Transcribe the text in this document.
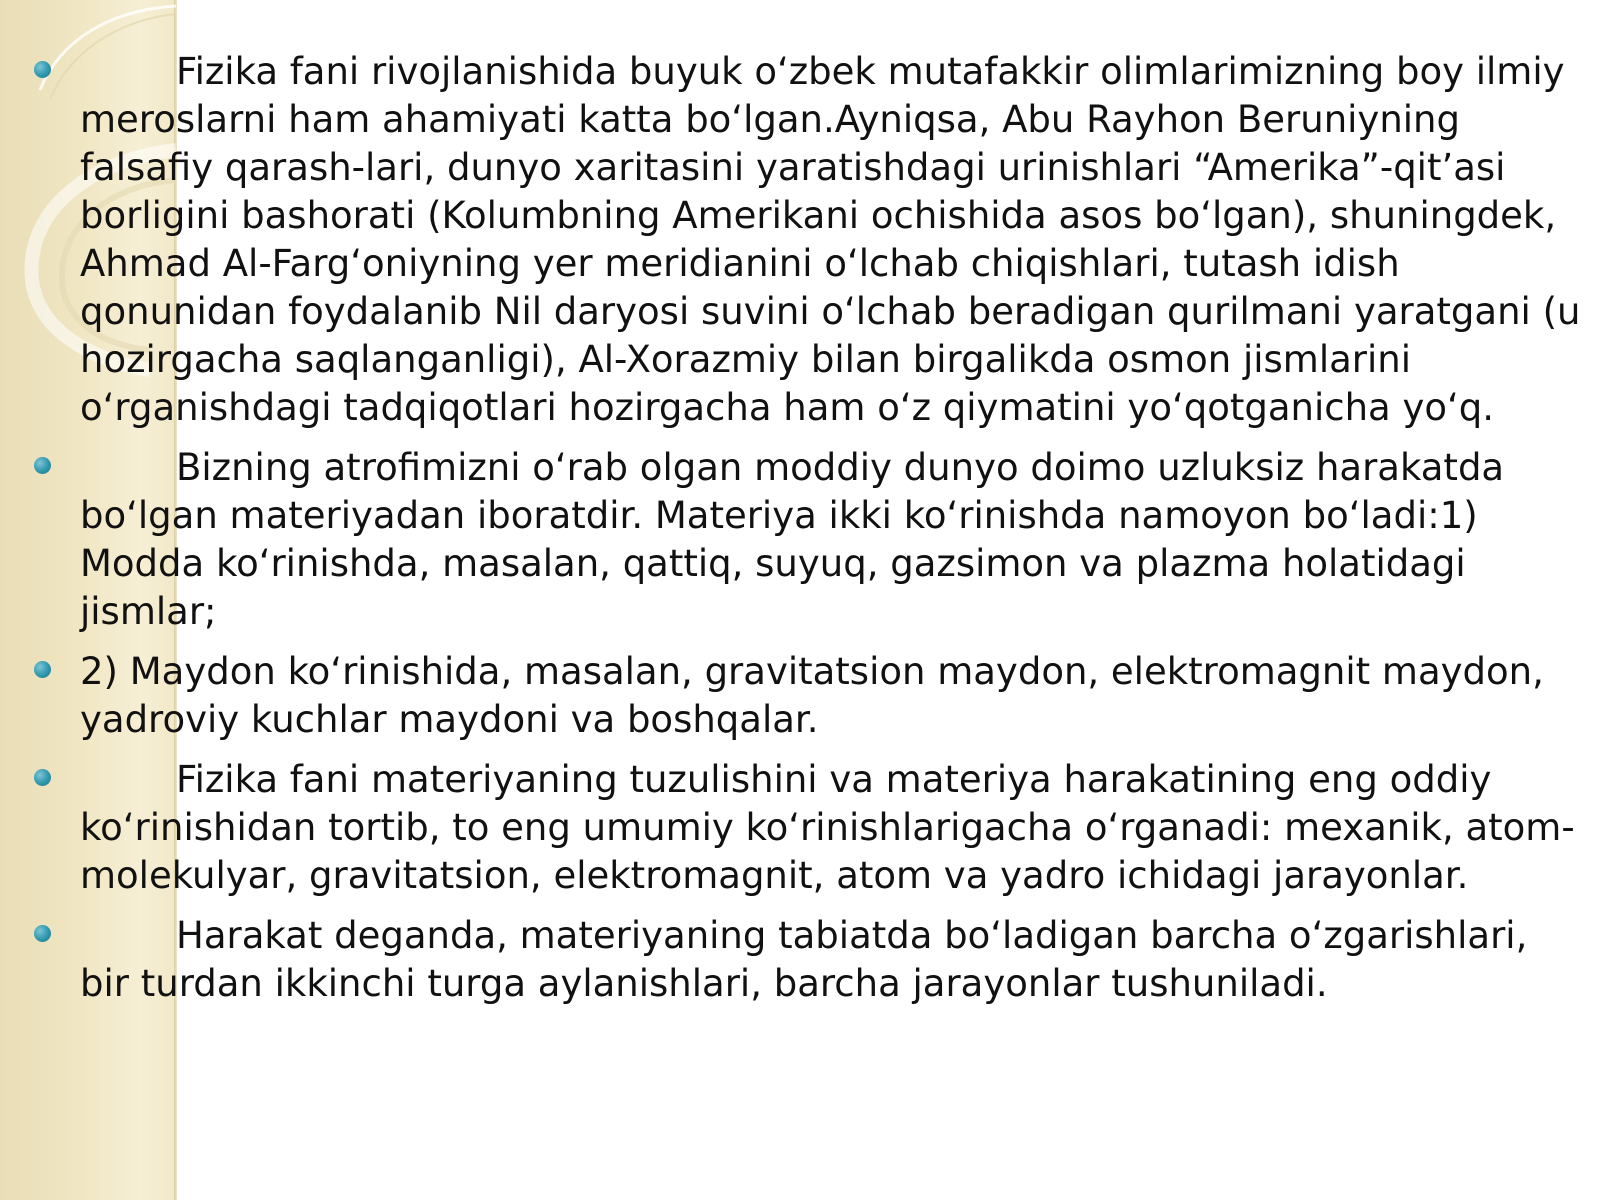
Fizika fani rivojlanishida buyuk o‘zbek mutafakkir olimlarimizning boy ilmiy meroslarni ham ahamiyati katta bo‘lgan.Ayniqsa, Abu Rayhon Beruniyning falsafiy qarash-lari, dunyo xaritasini yaratishdagi urinishlari “Amerika”-qit’asi borligini bashorati (Kolumbning Amerikani ochishida asos bo‘lgan), shuningdek, Ahmad Al-Farg‘oniyning yer meridianini o‘lchab chiqishlari, tutash idish qonunidan foydalanib Nil daryosi suvini o‘lchab beradigan qurilmani yaratgani (u hozirgacha saqlanganligi), Al-Xorazmiy bilan birgalikda osmon jismlarini o‘rganishdagi tadqiqotlari hozirgacha ham o‘z qiymatini yo‘qotganicha yo‘q.
Bizning atrofimizni o‘rab olgan moddiy dunyo doimo uzluksiz harakatda bo‘lgan materiyadan iboratdir. Materiya ikki ko‘rinishda namoyon bo‘ladi:1) Modda ko‘rinishda, masalan, qattiq, suyuq, gazsimon va plazma holatidagi jismlar;
2) Maydon ko‘rinishida, masalan, gravitatsion maydon, elektromagnit maydon, yadroviy kuchlar maydoni va boshqalar.
Fizika fani materiyaning tuzulishini va materiya harakatining eng oddiy ko‘rinishidan tortib, to eng umumiy ko‘rinishlarigacha o‘rganadi: mexanik, atom-molekulyar, gravitatsion, elektromagnit, atom va yadro ichidagi jarayonlar.
Harakat deganda, materiyaning tabiatda bo‘ladigan barcha o‘zgarishlari, bir turdan ikkinchi turga aylanishlari, barcha jarayonlar tushuniladi.
